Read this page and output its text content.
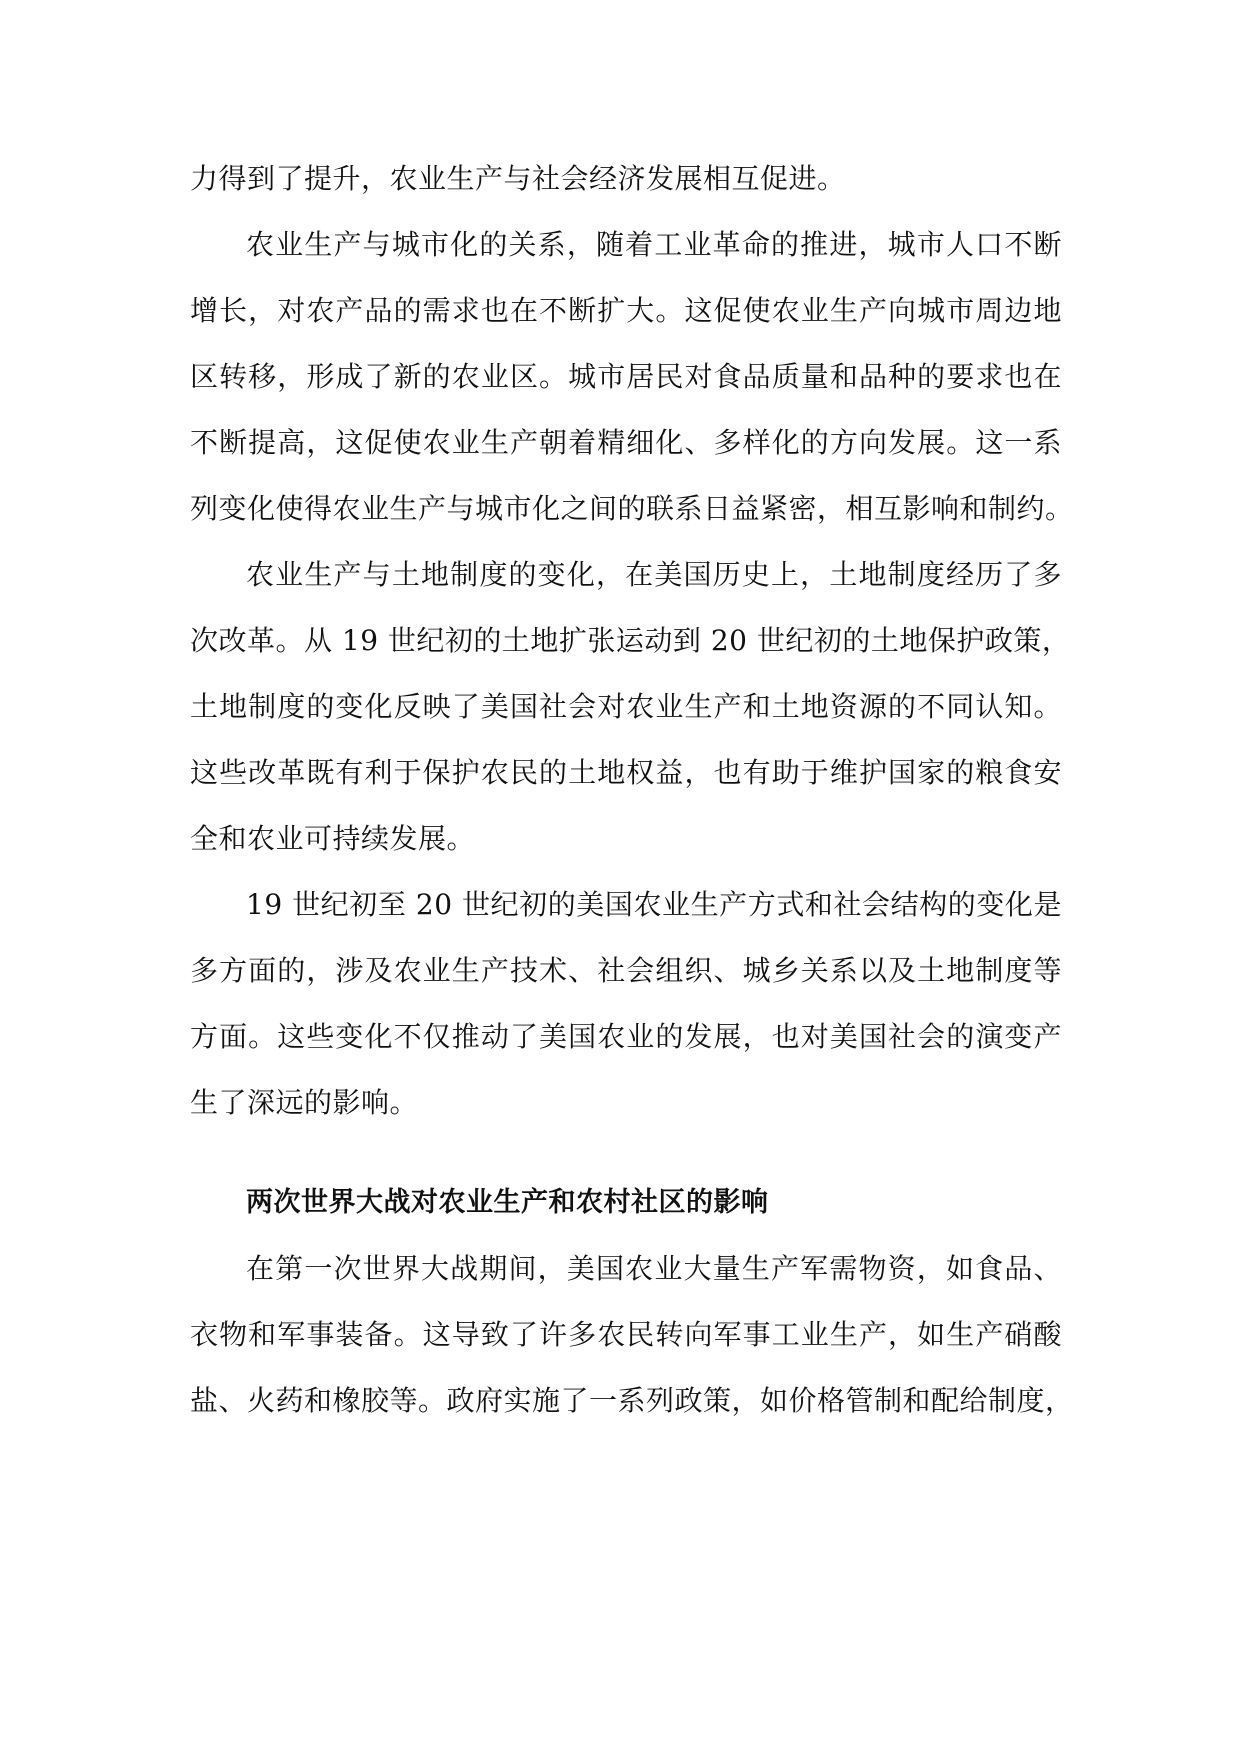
力得到了提升，农业生产与社会经济发展相互促进。
农业生产与城市化的关系，随着工业革命的推进，城市人口不断
增长，对农产品的需求也在不断扩大。这促使农业生产向城市周边地
区转移，形成了新的农业区。城市居民对食品质量和品种的要求也在
不断提高，这促使农业生产朝着精细化、多样化的方向发展。这一系
列变化使得农业生产与城市化之间的联系日益紧密，相互影响和制约。
农业生产与土地制度的变化，在美国历史上，土地制度经历了多
次改革。从 19 世纪初的土地扩张运动到 20 世纪初的土地保护政策，
土地制度的变化反映了美国社会对农业生产和土地资源的不同认知。
这些改革既有利于保护农民的土地权益，也有助于维护国家的粮食安
全和农业可持续发展。
19 世纪初至 20 世纪初的美国农业生产方式和社会结构的变化是
多方面的，涉及农业生产技术、社会组织、城乡关系以及土地制度等
方面。这些变化不仅推动了美国农业的发展，也对美国社会的演变产
生了深远的影响。
两次世界大战对农业生产和农村社区的影响
在第一次世界大战期间，美国农业大量生产军需物资，如食品、
衣物和军事装备。这导致了许多农民转向军事工业生产，如生产硝酸
盐、火药和橡胶等。政府实施了一系列政策，如价格管制和配给制度，
